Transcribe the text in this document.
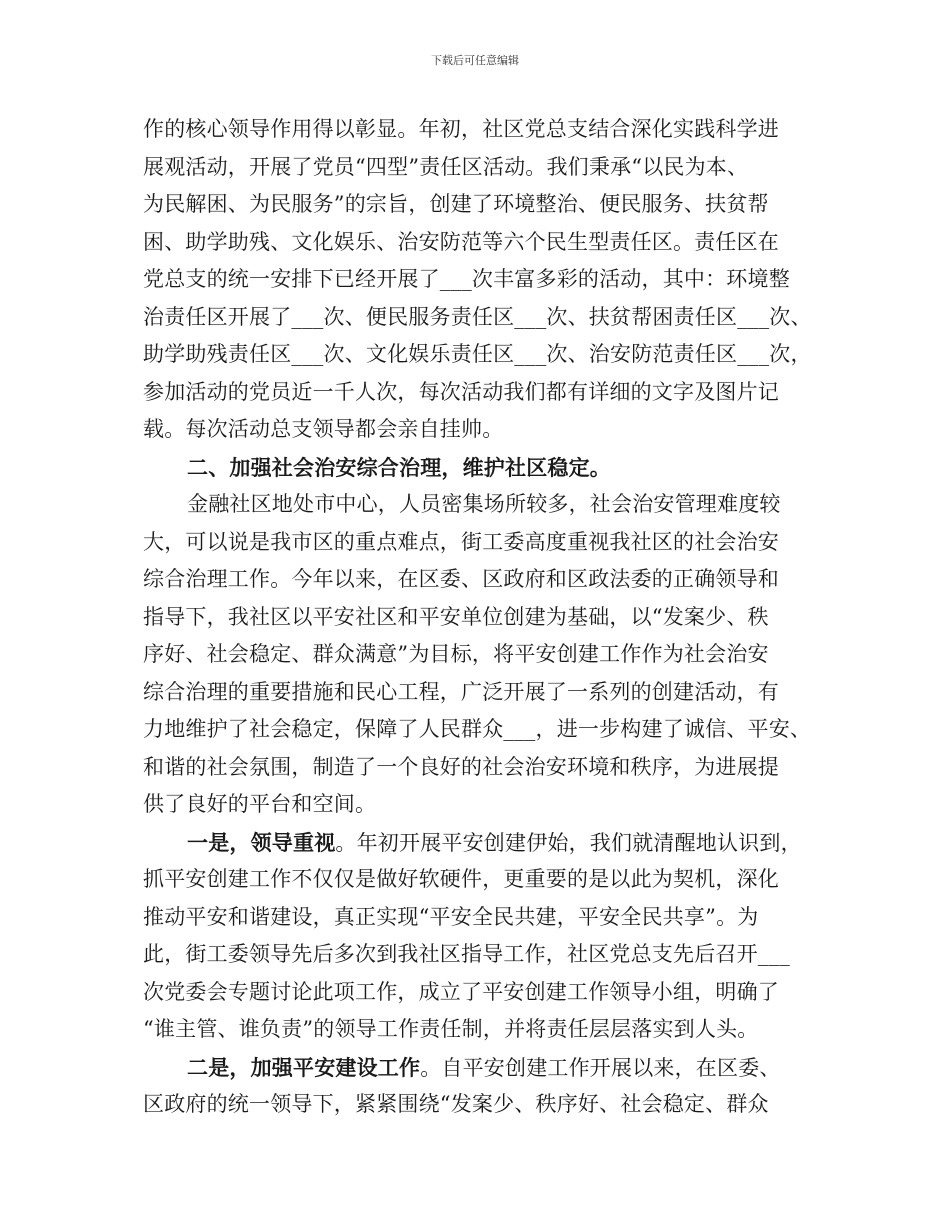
下载后可任意编辑
作的核心领导作用得以彰显。年初，社区党总支结合深化实践科学进
展观活动，开展了党员“四型”责任区活动。我们秉承“以民为本、
为民解困、为民服务”的宗旨，创建了环境整治、便民服务、扶贫帮
困、助学助残、文化娱乐、治安防范等六个民生型责任区。责任区在
党总支的统一安排下已经开展了___次丰富多彩的活动，其中：环境整
治责任区开展了___次、便民服务责任区___次、扶贫帮困责任区___次、
助学助残责任区___次、文化娱乐责任区___次、治安防范责任区___次，
参加活动的党员近一千人次，每次活动我们都有详细的文字及图片记
载。每次活动总支领导都会亲自挂帅。
二、加强社会治安综合治理，维护社区稳定。
金融社区地处市中心，人员密集场所较多，社会治安管理难度较
大，可以说是我市区的重点难点，街工委高度重视我社区的社会治安
综合治理工作。今年以来，在区委、区政府和区政法委的正确领导和
指导下，我社区以平安社区和平安单位创建为基础，以“发案少、秩
序好、社会稳定、群众满意”为目标，将平安创建工作作为社会治安
综合治理的重要措施和民心工程，广泛开展了一系列的创建活动，有
力地维护了社会稳定，保障了人民群众___，进一步构建了诚信、平安、
和谐的社会氛围，制造了一个良好的社会治安环境和秩序，为进展提
供了良好的平台和空间。
一是，领导重视。年初开展平安创建伊始，我们就清醒地认识到，
抓平安创建工作不仅仅是做好软硬件，更重要的是以此为契机，深化
推动平安和谐建设，真正实现“平安全民共建，平安全民共享”。为
此，街工委领导先后多次到我社区指导工作，社区党总支先后召开___
次党委会专题讨论此项工作，成立了平安创建工作领导小组，明确了
“谁主管、谁负责”的领导工作责任制，并将责任层层落实到人头。
二是，加强平安建设工作。自平安创建工作开展以来，在区委、
区政府的统一领导下，紧紧围绕“发案少、秩序好、社会稳定、群众
